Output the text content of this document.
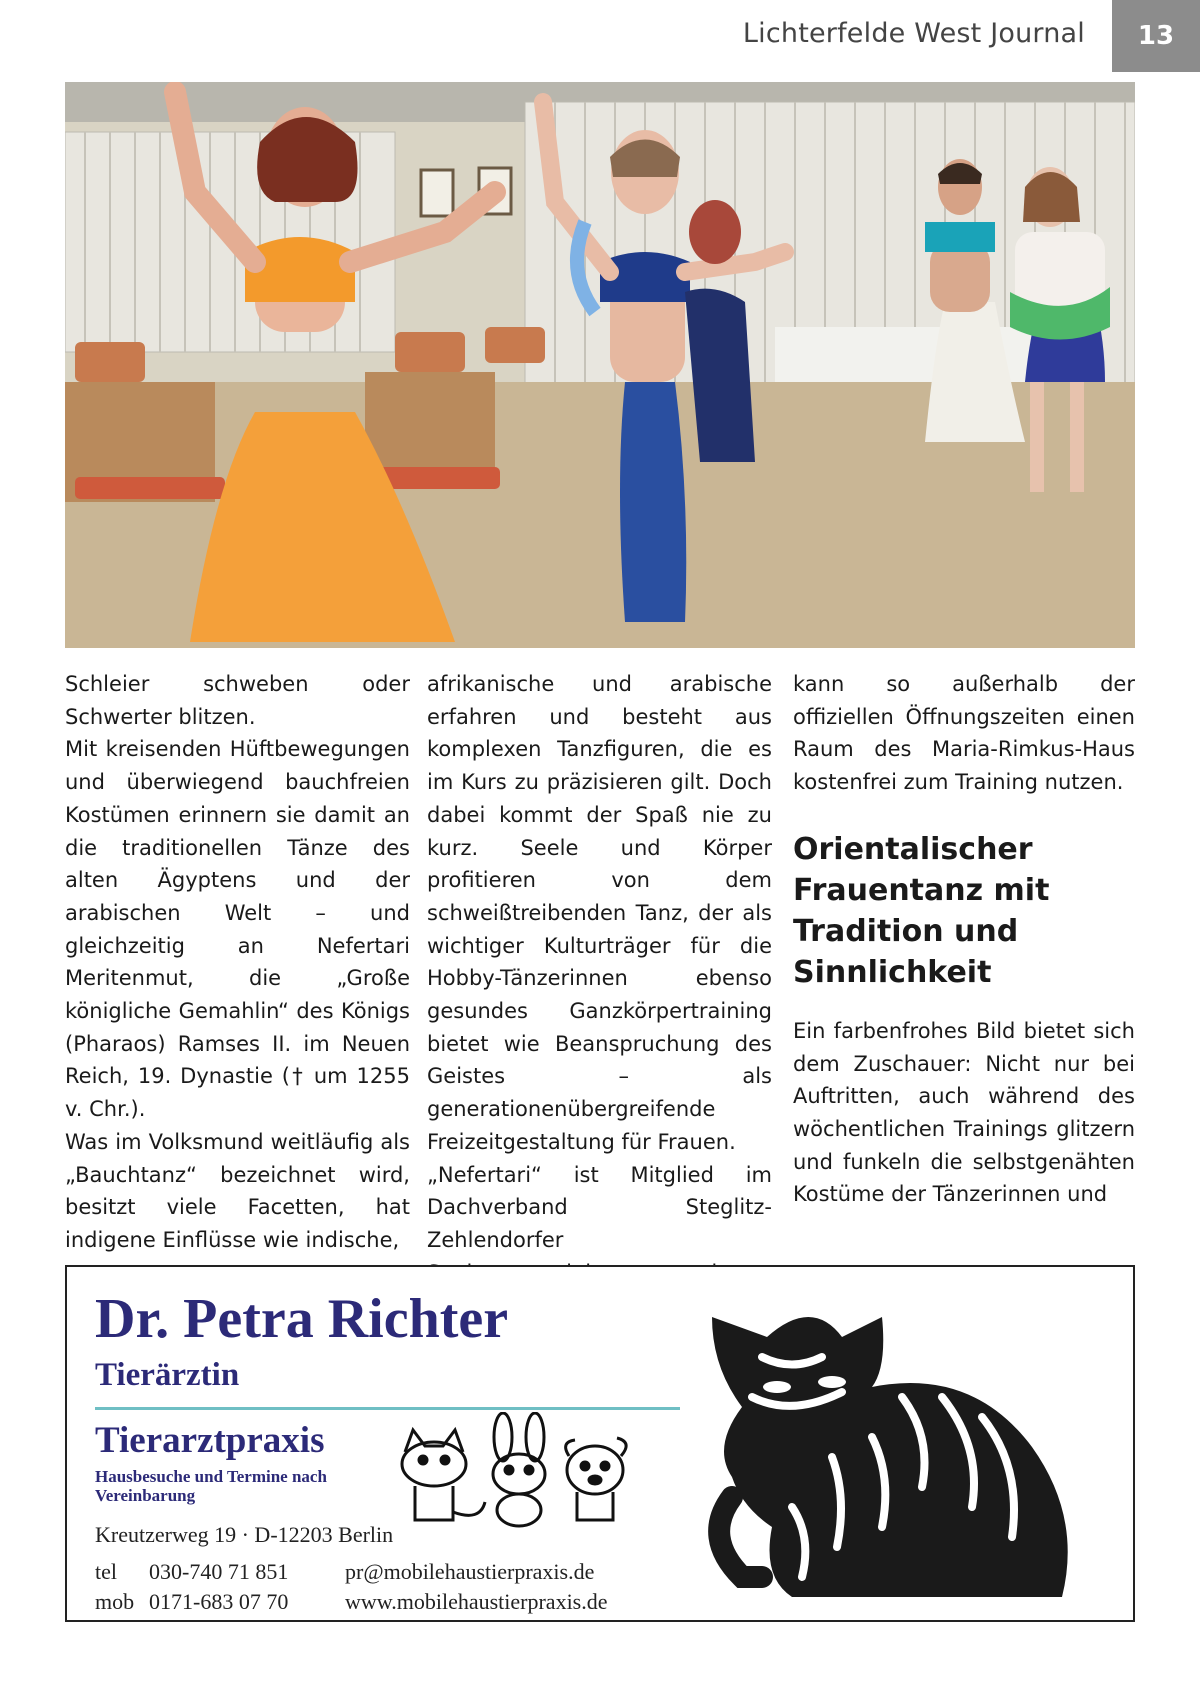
Lichterfelde West Journal	13

Schleier schweben oder Schwerter blitzen.

Mit kreisenden Hüftbewegungen und überwiegend bauchfreien Kostümen erinnern sie damit an die traditionellen Tänze des alten Ägyptens und der arabischen Welt – und gleichzeitig an Nefertari Meritenmut, die „Große königliche Gemahlin“ des Königs (Pharaos) Ramses II. im Neuen Reich, 19. Dynastie († um 1255 v. Chr.).

Was im Volksmund weitläufig als „Bauchtanz“ bezeichnet wird, besitzt viele Facetten, hat indigene Einflüsse wie indische,

afrikanische und arabische erfahren und besteht aus komplexen Tanzfiguren, die es im Kurs zu präzisieren gilt. Doch dabei kommt der Spaß nie zu kurz. Seele und Körper profitieren von dem schweißtreibenden Tanz, der als wichtiger Kulturträger für die Hobby-Tänzerinnen ebenso gesundes Ganzkörpertraining bietet wie Beanspruchung des Geistes – als generationenübergreifende Freizeitgestaltung für Frauen.

„Nefertari“ ist Mitglied im Dachverband Steglitz-Zehlendorfer

kann so außerhalb der offiziellen Öffnungszeiten einen Raum des Maria-Rimkus-Haus kostenfrei zum Training nutzen.

Orientalischer Frauentanz mit Tradition und Sinnlichkeit

Ein farbenfrohes Bild bietet sich dem Zuschauer: Nicht nur bei Auftritten, auch während des wöchentlichen Trainings glitzern und funkeln die selbstgenähten Kostüme der Tänzerinnen und

Dr. Petra Richter
Tierärztin
Tierarztpraxis
Hausbesuche und Termine nach Vereinbarung
Kreutzerweg 19 · D-12203 Berlin
tel	030-740 71 851	pr@mobilehaustierpraxis.de
mob 0171-683 07 70	www.mobilehaustierpraxis.de
